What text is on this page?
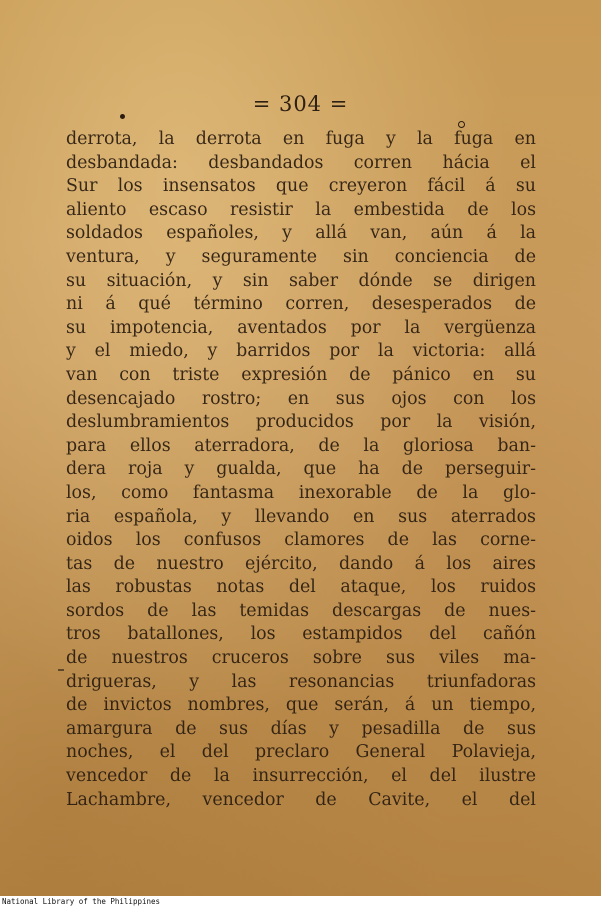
= 304 =
derrota, la derrota en fuga y la fuga en
desbandada: desbandados corren hácia el
Sur los insensatos que creyeron fácil á su
aliento escaso resistir la embestida de los
soldados españoles, y allá van, aún á la
ventura, y seguramente sin conciencia de
su situación, y sin saber dónde se dirigen
ni á qué término corren, desesperados de
su impotencia, aventados por la vergüenza
y el miedo, y barridos por la victoria: allá
van con triste expresión de pánico en su
desencajado rostro; en sus ojos con los
deslumbramientos producidos por la visión,
para ellos aterradora, de la gloriosa ban-
dera roja y gualda, que ha de perseguir-
los, como fantasma inexorable de la glo-
ria española, y llevando en sus aterrados
oidos los confusos clamores de las corne-
tas de nuestro ejército, dando á los aires
las robustas notas del ataque, los ruidos
sordos de las temidas descargas de nues-
tros batallones, los estampidos del cañón
de nuestros cruceros sobre sus viles ma-
drigueras, y las resonancias triunfadoras
de invictos nombres, que serán, á un tiempo,
amargura de sus días y pesadilla de sus
noches, el del preclaro General Polavieja,
vencedor de la insurrección, el del ilustre
Lachambre, vencedor de Cavite, el del
National Library of the Philippines
